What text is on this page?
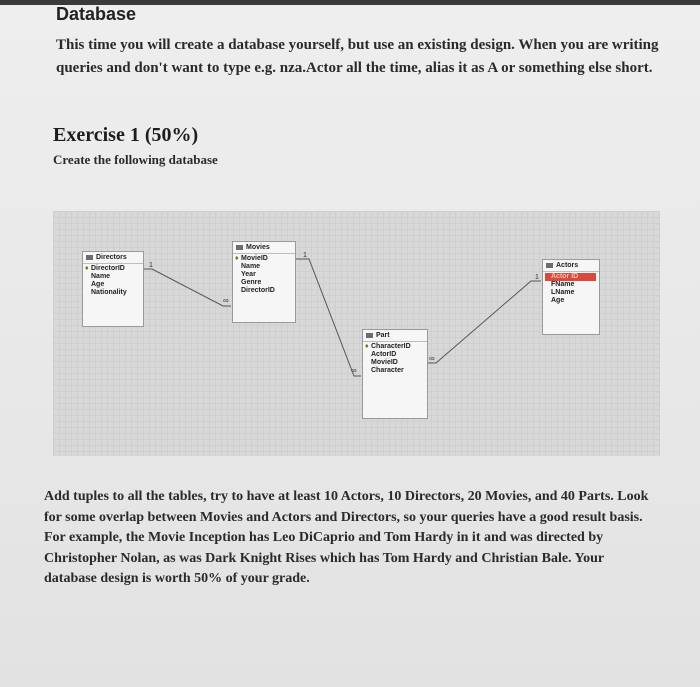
Database
This time you will create a database yourself, but use an existing design. When you are writing queries and don't want to type e.g. nza.Actor all the time, alias it as A or something else short.
Exercise 1 (50%)
Create the following database
1
∞
1
∞
1
∞
Directors
♦ DirectorID
Name
Age
Nationality
Movies
♦ MovieID
Name
Year
Genre
DirectorID
Part
♦ CharacterID
ActorID
MovieID
Character
Actors
Actor ID
FName
LName
Age
Add tuples to all the tables, try to have at least 10 Actors, 10 Directors, 20 Movies, and 40 Parts. Look for some overlap between Movies and Actors and Directors, so your queries have a good result basis. For example, the Movie Inception has Leo DiCaprio and Tom Hardy in it and was directed by Christopher Nolan, as was Dark Knight Rises which has Tom Hardy and Christian Bale. Your database design is worth 50% of your grade.
